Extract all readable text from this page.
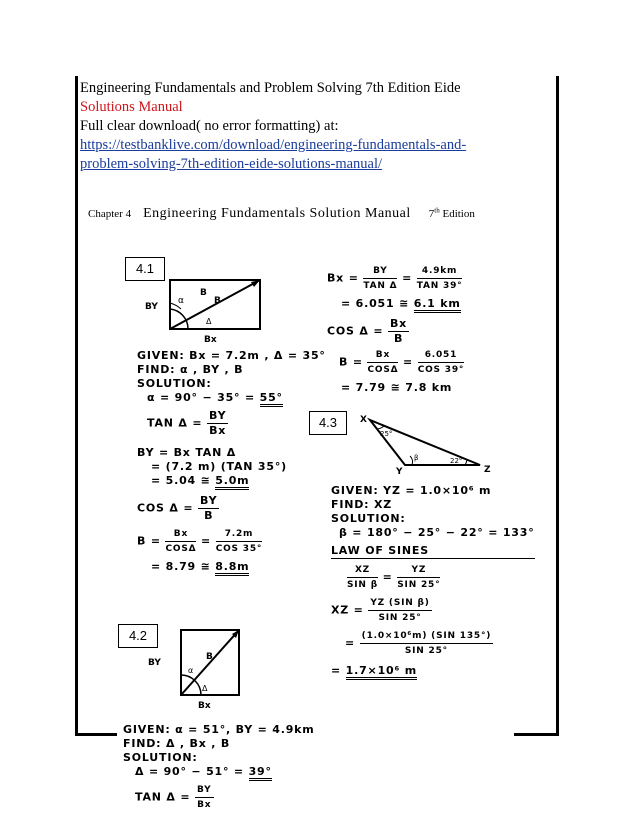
Engineering Fundamentals and Problem Solving 7th Edition Eide
Solutions Manual
Full clear download( no error formatting) at:
https://testbanklive.com/download/engineering-fundamentals-and-
problem-solving-7th-edition-eide-solutions-manual/
Chapter 4 Engineering Fundamentals Solution Manual 7th Edition
4.1
BY
α
B
B
Δ
Bx
GIVEN: Bx = 7.2m , Δ = 35°
FIND: α , BY , B
SOLUTION:
α = 90° − 35° = 55°
TAN $\Delta = \frac{BY}{Bx}$
BY = Bx TAN Δ
= (7.2 m) (TAN 35°)
= 5.04 ≅ 5.0m
COS $\Delta = \frac{BY}{B}$
$B = \frac{Bx}{\text{COSΔ}} = \frac{7.2m}{\text{COS 35°}}$
= 8.79 ≅ 8.8m
$Bx = \frac{BY}{\text{TAN Δ}} = \frac{4.9km}{\text{TAN 39°}}$
= 6.051 ≅ 6.1 km
COS $\Delta = \frac{Bx}{B}$
$B = \frac{Bx}{\text{COSΔ}} = \frac{6.051}{\text{COS 39°}}$
= 7.79 ≅ 7.8 km
4.3	X
Y	Z
25°
β	22°
GIVEN: YZ = 1.0×10⁶ m
FIND: XZ
SOLUTION:
β = 180° − 25° − 22° = 133°
LAW OF SINES
$\frac{XZ}{\text{SIN β}} = \frac{YZ}{\text{SIN 25°}}$
XZ = $\frac{\text{YZ (SIN β)}}{\text{SIN 25°}}$
= $\frac{\text{(1.0×10⁶m) (SIN 135°)}}{\text{SIN 25°}}$
= 1.7×10⁶ m
4.2
BY
α
B
Δ
Bx
GIVEN: α = 51°, BY = 4.9km
FIND: Δ , Bx , B
SOLUTION:
Δ = 90° − 51° = 39°
TAN $\Delta = \frac{BY}{Bx}$
